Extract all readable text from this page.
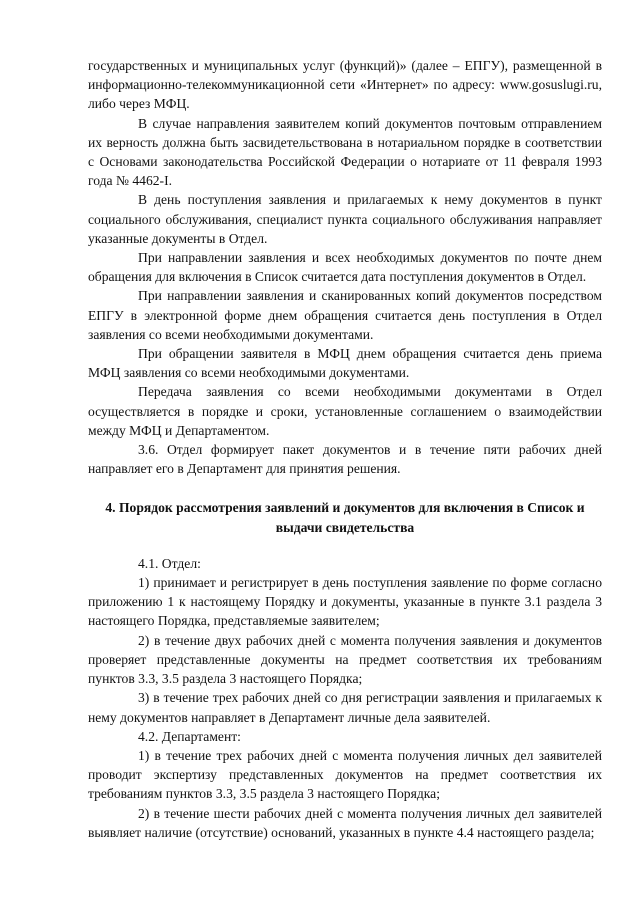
государственных и муниципальных услуг (функций)» (далее – ЕПГУ), размещенной в информационно-телекоммуникационной сети «Интернет» по адресу: www.gosuslugi.ru, либо через МФЦ.

В случае направления заявителем копий документов почтовым отправлением их верность должна быть засвидетельствована в нотариальном порядке в соответствии с Основами законодательства Российской Федерации о нотариате от 11 февраля 1993 года № 4462-I.

В день поступления заявления и прилагаемых к нему документов в пункт социального обслуживания, специалист пункта социального обслуживания направляет указанные документы в Отдел.

При направлении заявления и всех необходимых документов по почте днем обращения для включения в Список считается дата поступления документов в Отдел.

При направлении заявления и сканированных копий документов посредством ЕПГУ в электронной форме днем обращения считается день поступления в Отдел заявления со всеми необходимыми документами.

При обращении заявителя в МФЦ днем обращения считается день приема МФЦ заявления со всеми необходимыми документами.

Передача заявления со всеми необходимыми документами в Отдел осуществляется в порядке и сроки, установленные соглашением о взаимодействии между МФЦ и Департаментом.

3.6. Отдел формирует пакет документов и в течение пяти рабочих дней направляет его в Департамент для принятия решения.

4. Порядок рассмотрения заявлений и документов для включения в Список и выдачи свидетельства

4.1. Отдел:

1) принимает и регистрирует в день поступления заявление по форме согласно приложению 1 к настоящему Порядку и документы, указанные в пункте 3.1 раздела 3 настоящего Порядка, представляемые заявителем;

2) в течение двух рабочих дней с момента получения заявления и документов проверяет представленные документы на предмет соответствия их требованиям пунктов 3.3, 3.5 раздела 3 настоящего Порядка;

3) в течение трех рабочих дней со дня регистрации заявления и прилагаемых к нему документов направляет в Департамент личные дела заявителей.

4.2. Департамент:

1) в течение трех рабочих дней с момента получения личных дел заявителей проводит экспертизу представленных документов на предмет соответствия их требованиям пунктов 3.3, 3.5 раздела 3 настоящего Порядка;

2) в течение шести рабочих дней с момента получения личных дел заявителей выявляет наличие (отсутствие) оснований, указанных в пункте 4.4 настоящего раздела;
